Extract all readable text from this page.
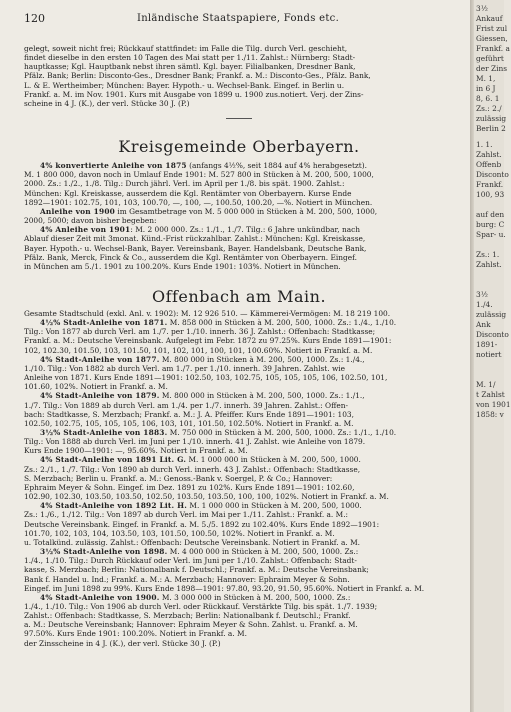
120	Inländische Staatspapiere, Fonds etc.

gelegt, soweit nicht frei; Rückkauf stattfindet: im Falle die Tilg. durch Verl. geschieht,
findet dieselbe in den ersten 10 Tagen des Mai statt per 1./11. Zahlst.: Nürnberg: Stadt-
hauptkasse; Kgl. Hauptbank nebst ihren sämtl. Kgl. bayer. Filialbanken, Dresdner Bank,
Pfälz. Bank; Berlin: Disconto-Ges., Dresdner Bank; Frankf. a. M.: Disconto-Ges., Pfälz. Bank,
L. & E. Wertheimber; München: Bayer. Hypoth.- u. Wechsel-Bank. Eingef. in Berlin u.
Frankf. a. M. im Nov. 1901. Kurs mit Ausgabe von 1899 u. 1900 zus.notiert. Verj. der Zins-
scheine in 4 J. (K.), der verl. Stücke 30 J. (P.)

Kreisgemeinde Oberbayern.

4% konvertierte Anleihe von 1875 (anfangs 4½%, seit 1884 auf 4% herabgesetzt).
M. 1 800 000, davon noch in Umlauf Ende 1901: M. 527 800 in Stücken à M. 200, 500, 1000,
2000. Zs.: 1./2., 1./8. Tilg.: Durch jährl. Verl. im April per 1./8. bis spät. 1900. Zahlst.:
München: Kgl. Kreiskasse, ausserdem die Kgl. Rentämter von Oberbayern. Kurse Ende
1892—1901: 102.75, 101, 103, 100.70, —, 100, —, 100.50, 100.20, —%. Notiert in München.

Anleihe von 1900 im Gesamtbetrage von M. 5 000 000 in Stücken à M. 200, 500, 1000,
2000, 5000; davon bisher begeben:

4% Anleihe von 1901: M. 2 000 000. Zs.: 1./1., 1./7. Tilg.: 6 Jahre unkündbar, nach
Ablauf dieser Zeit mit 3monat. Künd.-Frist rückzahlbar. Zahlst.: München: Kgl. Kreiskasse,
Bayer. Hypoth.- u. Wechsel-Bank, Bayer. Vereinsbank, Bayer. Handelsbank, Deutsche Bank,
Pfälz. Bank, Merck, Finck & Co., ausserdem die Kgl. Rentämter von Oberbayern. Eingef.
in München am 5./1. 1901 zu 100.20%. Kurs Ende 1901: 103%. Notiert in München.

Offenbach am Main.

Gesamte Stadtschuld (exkl. Anl. v. 1902): M. 12 926 510. — Kämmerei-Vermögen: M. 18 219 100.

4½% Stadt-Anleihe von 1871. M. 858 000 in Stücken à M. 200, 500, 1000. Zs.: 1./4., 1./10.
Tilg.: Von 1877 ab durch Verl. am 1./7. per 1./10. innerh. 36 J. Zahlst.: Offenbach: Stadtkasse;
Frankf. a. M.: Deutsche Vereinsbank. Aufgelegt im Febr. 1872 zu 97.25%. Kurs Ende 1891—1901:
102, 102.30, 101.50, 103, 101.50, 101, 102, 101, 100, 101, 100.60%. Notiert in Frankf. a. M.

4% Stadt-Anleihe von 1877. M. 800 000 in Stücken à M. 200, 500, 1000. Zs.: 1./4.,
1./10. Tilg.: Von 1882 ab durch Verl. am 1./7. per 1./10. innerh. 39 Jahren. Zahlst. wie
Anleihe von 1871. Kurs Ende 1891—1901: 102.50, 103, 102.75, 105, 105, 105, 106, 102.50, 101,
101.60, 102%. Notiert in Frankf. a. M.

4% Stadt-Anleihe von 1879. M. 800 000 in Stücken à M. 200, 500, 1000. Zs.: 1./1.,
1./7. Tilg.: Von 1889 ab durch Verl. am 1./4. per 1./7. innerh. 39 Jahren. Zahlst.: Offen-
bach: Stadtkasse, S. Merzbach; Frankf. a. M.: J. A. Pfeiffer. Kurs Ende 1891—1901: 103,
102.50, 102.75, 105, 105, 105, 106, 103, 101, 101.50, 102.50%. Notiert in Frankf. a. M.

3½% Stadt-Anleihe von 1883. M. 750 000 in Stücken à M. 200, 500, 1000. Zs.: 1./1., 1./10.
Tilg.: Von 1888 ab durch Verl. im Juni per 1./10. innerh. 41 J. Zahlst. wie Anleihe von 1879.
Kurs Ende 1900—1901: —, 95.60%. Notiert in Frankf. a. M.

4% Stadt-Anleihe von 1891 Lit. G. M. 1 000 000 in Stücken à M. 200, 500, 1000.
Zs.: 2./1., 1./7. Tilg.: Von 1890 ab durch Verl. innerh. 43 J. Zahlst.: Offenbach: Stadtkasse,
S. Merzbach; Berlin u. Frankf. a. M.: Genoss.-Bank v. Soergel, P. & Co.; Hannover:
Ephraim Meyer & Sohn. Eingef. im Dez. 1891 zu 102%. Kurs Ende 1891—1901: 102.60,
102.90, 102.30, 103.50, 103.50, 102.50, 103.50, 103.50, 100, 100, 102%. Notiert in Frankf. a. M.

4% Stadt-Anleihe von 1892 Lit. H. M. 1 000 000 in Stücken à M. 200, 500, 1000.
Zs.: 1./6., 1./12. Tilg.: Von 1897 ab durch Verl. im Mai per 1./11. Zahlst.: Frankf. a. M.:
Deutsche Vereinsbank. Eingef. in Frankf. a. M. 5./5. 1892 zu 102.40%. Kurs Ende 1892—1901:
101.70, 102, 103, 104, 103.50, 103, 101.50, 100.50, 102%. Notiert in Frankf. a. M.
u. Totalkünd. zulässig. Zahlst.: Offenbach: Deutsche Vereinsbank. Notiert in Frankf. a. M.

3½% Stadt-Anleihe von 1898. M. 4 000 000 in Stücken à M. 200, 500, 1000. Zs.:
1./4., 1./10. Tilg.: Durch Rückkauf oder Verl. im Juni per 1./10. Zahlst.: Offenbach: Stadt-
kasse, S. Merzbach; Berlin: Nationalbank f. Deutschl.; Frankf. a. M.: Deutsche Vereinsbank;
Bank f. Handel u. Ind.; Frankf. a. M.: A. Merzbach; Hannover: Ephraim Meyer & Sohn.
Eingef. im Juni 1898 zu 99%. Kurs Ende 1898—1901: 97.80, 93.20, 91.50, 95.60%. Notiert in Frankf. a. M.

4% Stadt-Anleihe von 1900. M. 3 000 000 in Stücken à M. 200, 500, 1000. Zs.:
1./4., 1./10. Tilg.: Von 1906 ab durch Verl. oder Rückkauf. Verstärkte Tilg. bis spät. 1./7. 1939;
Zahlst.: Offenbach: Stadtkasse, S. Merzbach; Berlin: Nationalbank f. Deutschl.; Frankf.
a. M.: Deutsche Vereinsbank; Hannover: Ephraim Meyer & Sohn. Zahlst. u. Frankf. a. M.
97.50%. Kurs Ende 1901: 100.20%. Notiert in Frankf. a. M.
der Zinsscheine in 4 J. (K.), der verl. Stücke 30 J. (P.)

3½
Ankauf
Frist zul
Giessen,
Frankf. a
geführt
der Zins
M. 1,
in 6 J
8, 6. 1
Zs.: 2./
zulässig
Berlin 2
1. 1.
Zahlst.
Offenb
Disconto
Frankf.
100, 93
auf den
burg: C
Spar- u.
Zs.: 1.
Zahlst.
3½
1./4.
zulässig
Ank
Disconto
1891-
notiert
M. 1/
t Zahlst
von 1901
1858: v
